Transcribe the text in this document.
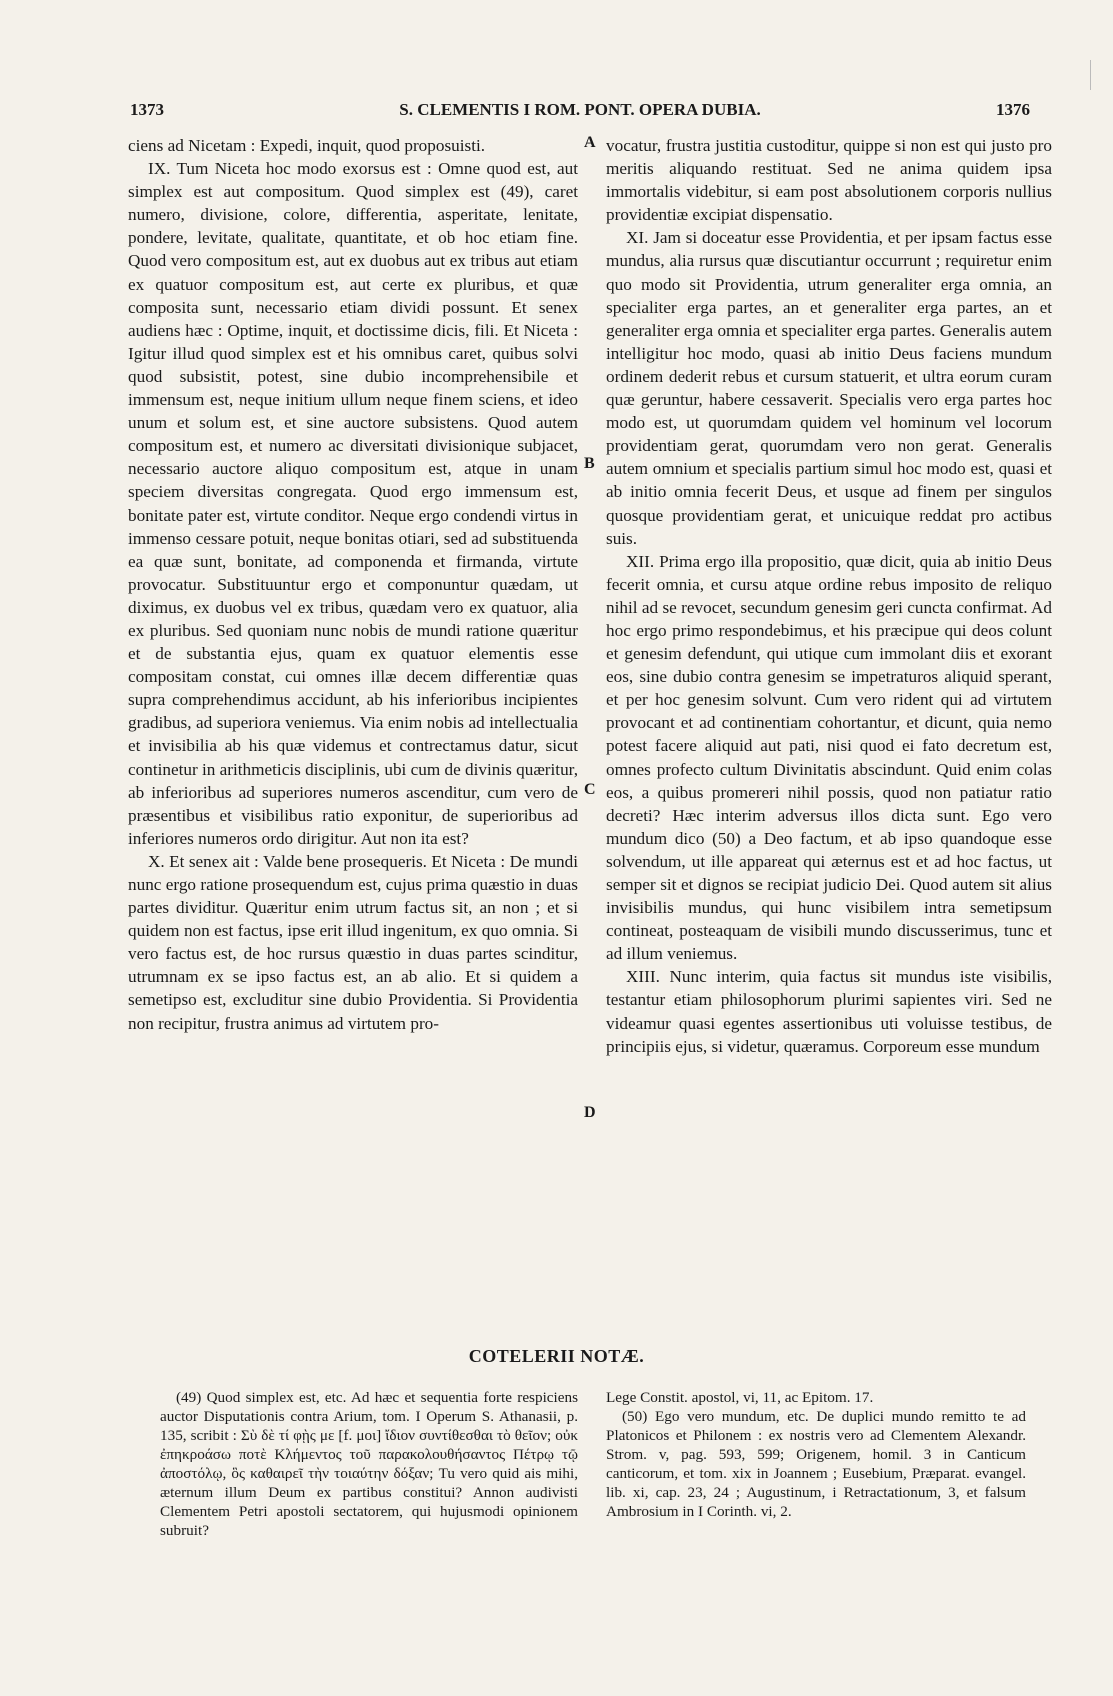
1373	S. CLEMENTIS I ROM. PONT. OPERA DUBIA.	1376

ciens ad Nicetam : Expedi, inquit, quod proposuisti.

IX. Tum Niceta hoc modo exorsus est : Omne quod est, aut simplex est aut compositum. Quod simplex est (49), caret numero, divisione, colore, differentia, asperitate, lenitate, pondere, levitate, qualitate, quantitate, et ob hoc etiam fine. Quod vero compositum est, aut ex duobus aut ex tribus aut etiam ex quatuor compositum est, aut certe ex pluribus, et quæ composita sunt, necessario etiam dividi possunt. Et senex audiens hæc : Optime, inquit, et doctissime dicis, fili. Et Niceta : Igitur illud quod simplex est et his omnibus caret, quibus solvi quod subsistit, potest, sine dubio incomprehensibile et immensum est, neque initium ullum neque finem sciens, et ideo unum et solum est, et sine auctore subsistens. Quod autem compositum est, et numero ac diversitati divisionique subjacet, necessario auctore aliquo compositum est, atque in unam speciem diversitas congregata. Quod ergo immensum est, bonitate pater est, virtute conditor. Neque ergo condendi virtus in immenso cessare potuit, neque bonitas otiari, sed ad substituenda ea quæ sunt, bonitate, ad componenda et firmanda, virtute provocatur. Substituuntur ergo et componuntur quædam, ut diximus, ex duobus vel ex tribus, quædam vero ex quatuor, alia ex pluribus. Sed quoniam nunc nobis de mundi ratione quæritur et de substantia ejus, quam ex quatuor elementis esse compositam constat, cui omnes illæ decem differentiæ quas supra comprehendimus accidunt, ab his inferioribus incipientes gradibus, ad superiora veniemus. Via enim nobis ad intellectualia et invisibilia ab his quæ videmus et contrectamus datur, sicut continetur in arithmeticis disciplinis, ubi cum de divinis quæritur, ab inferioribus ad superiores numeros ascenditur, cum vero de præsentibus et visibilibus ratio exponitur, de superioribus ad inferiores numeros ordo dirigitur. Aut non ita est?

X. Et senex ait : Valde bene prosequeris. Et Niceta : De mundi nunc ergo ratione prosequendum est, cujus prima quæstio in duas partes dividitur. Quæritur enim utrum factus sit, an non ; et si quidem non est factus, ipse erit illud ingenitum, ex quo omnia. Si vero factus est, de hoc rursus quæstio in duas partes scinditur, utrumnam ex se ipso factus est, an ab alio. Et si quidem a semetipso est, excluditur sine dubio Providentia. Si Providentia non recipitur, frustra animus ad virtutem pro-

vocatur, frustra justitia custoditur, quippe si non est qui justo pro meritis aliquando restituat. Sed ne anima quidem ipsa immortalis videbitur, si eam post absolutionem corporis nullius providentiæ excipiat dispensatio.

XI. Jam si doceatur esse Providentia, et per ipsam factus esse mundus, alia rursus quæ discutiantur occurrunt ; requiretur enim quo modo sit Providentia, utrum generaliter erga omnia, an specialiter erga partes, an et generaliter erga partes, an et generaliter erga omnia et specialiter erga partes. Generalis autem intelligitur hoc modo, quasi ab initio Deus faciens mundum ordinem dederit rebus et cursum statuerit, et ultra eorum curam quæ geruntur, habere cessaverit. Specialis vero erga partes hoc modo est, ut quorumdam quidem vel hominum vel locorum providentiam gerat, quorumdam vero non gerat. Generalis autem omnium et specialis partium simul hoc modo est, quasi et ab initio omnia fecerit Deus, et usque ad finem per singulos quosque providentiam gerat, et unicuique reddat pro actibus suis.

XII. Prima ergo illa propositio, quæ dicit, quia ab initio Deus fecerit omnia, et cursu atque ordine rebus imposito de reliquo nihil ad se revocet, secundum genesim geri cuncta confirmat. Ad hoc ergo primo respondebimus, et his præcipue qui deos colunt et genesim defendunt, qui utique cum immolant diis et exorant eos, sine dubio contra genesim se impetraturos aliquid sperant, et per hoc genesim solvunt. Cum vero rident qui ad virtutem provocant et ad continentiam cohortantur, et dicunt, quia nemo potest facere aliquid aut pati, nisi quod ei fato decretum est, omnes profecto cultum Divinitatis abscindunt. Quid enim colas eos, a quibus promereri nihil possis, quod non patiatur ratio decreti? Hæc interim adversus illos dicta sunt. Ego vero mundum dico (50) a Deo factum, et ab ipso quandoque esse solvendum, ut ille appareat qui æternus est et ad hoc factus, ut semper sit et dignos se recipiat judicio Dei. Quod autem sit alius invisibilis mundus, qui hunc visibilem intra semetipsum contineat, posteaquam de visibili mundo discusserimus, tunc et ad illum veniemus.

XIII. Nunc interim, quia factus sit mundus iste visibilis, testantur etiam philosophorum plurimi sapientes viri. Sed ne videamur quasi egentes assertionibus uti voluisse testibus, de principiis ejus, si videtur, quæramus. Corporeum esse mundum

A
B
C
D
COTELERII NOTÆ.

(49) Quod simplex est, etc. Ad hæc et sequentia forte respiciens auctor Disputationis contra Arium, tom. I Operum S. Athanasii, p. 135, scribit : Σὺ δὲ τί φῂς με [f. μοι] ἴδιον συντίθεσθαι τὸ θεῖον; οὐκ ἐπηκροάσω ποτὲ Κλήμεντος τοῦ παρακολουθήσαντος Πέτρῳ τῷ ἀποστόλῳ, ὃς καθαιρεῖ τὴν τοιαύτην δόξαν; Tu vero quid ais mihi, æternum illum Deum ex partibus constitui? Annon audivisti Clementem Petri apostoli sectatorem, qui hujusmodi opinionem subruit?

Lege Constit. apostol, vi, 11, ac Epitom. 17.

(50) Ego vero mundum, etc. De duplici mundo remitto te ad Platonicos et Philonem : ex nostris vero ad Clementem Alexandr. Strom. v, pag. 593, 599; Origenem, homil. 3 in Canticum canticorum, et tom. xix in Joannem ; Eusebium, Præparat. evangel. lib. xi, cap. 23, 24 ; Augustinum, i Retractationum, 3, et falsum Ambrosium in I Corinth. vi, 2.
